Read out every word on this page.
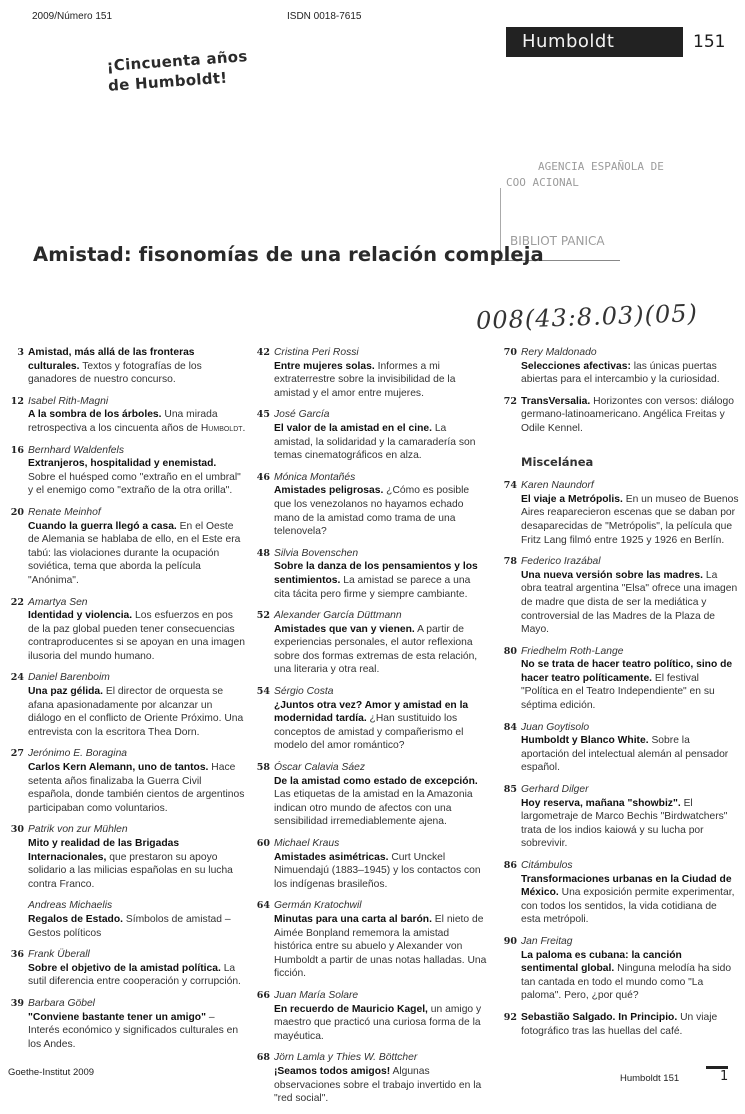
2009/Número 151	ISDN 0018-7615
Humboldt	151
¡Cincuenta años
de Humboldt!
AGENCIA ESPAÑOLA DE
COO ACIONAL
BIBLIOT PANICA
Amistad: fisonomías de una relación compleja
008(43:8.03)(05)
3 Amistad, más allá de las fronteras culturales. Textos y fotografías de los ganadores de nuestro concurso.
12 Isabel Rith-Magni
A la sombra de los árboles. Una mirada retrospectiva a los cincuenta años de Humboldt.
16 Bernhard Waldenfels
Extranjeros, hospitalidad y enemistad. Sobre el huésped como "extraño en el umbral" y el enemigo como "extraño de la otra orilla".
20 Renate Meinhof
Cuando la guerra llegó a casa. En el Oeste de Alemania se hablaba de ello, en el Este era tabú: las violaciones durante la ocupación soviética, tema que aborda la película "Anónima".
22 Amartya Sen
Identidad y violencia. Los esfuerzos en pos de la paz global pueden tener consecuencias contraproducentes si se apoyan en una imagen ilusoria del mundo humano.
24 Daniel Barenboim
Una paz gélida. El director de orquesta se afana apasionadamente por alcanzar un diálogo en el conflicto de Oriente Próximo. Una entrevista con la escritora Thea Dorn.
27 Jerónimo E. Boragina
Carlos Kern Alemann, uno de tantos. Hace setenta años finalizaba la Guerra Civil española, donde también cientos de argentinos participaban como voluntarios.
30 Patrik von zur Mühlen
Mito y realidad de las Brigadas Internacionales, que prestaron su apoyo solidario a las milicias españolas en su lucha contra Franco.
Andreas Michaelis
Regalos de Estado. Símbolos de amistad – Gestos políticos
36 Frank Überall
Sobre el objetivo de la amistad política. La sutil diferencia entre cooperación y corrupción.
39 Barbara Göbel
"Conviene bastante tener un amigo" – Interés económico y significados culturales en los Andes.
42 Cristina Peri Rossi
Entre mujeres solas. Informes a mi extraterrestre sobre la invisibilidad de la amistad y el amor entre mujeres.
45 José García
El valor de la amistad en el cine. La amistad, la solidaridad y la camaradería son temas cinematográficos en alza.
46 Mónica Montañés
Amistades peligrosas. ¿Cómo es posible que los venezolanos no hayamos echado mano de la amistad como trama de una telenovela?
48 Silvia Bovenschen
Sobre la danza de los pensamientos y los sentimientos. La amistad se parece a una cita tácita pero firme y siempre cambiante.
52 Alexander García Düttmann
Amistades que van y vienen. A partir de experiencias personales, el autor reflexiona sobre dos formas extremas de esta relación, una literaria y otra real.
54 Sérgio Costa
¿Juntos otra vez? Amor y amistad en la modernidad tardía. ¿Han sustituido los conceptos de amistad y compañerismo el modelo del amor romántico?
58 Óscar Calavia Sáez
De la amistad como estado de excepción. Las etiquetas de la amistad en la Amazonia indican otro mundo de afectos con una sensibilidad irremediablemente ajena.
60 Michael Kraus
Amistades asimétricas. Curt Unckel Nimuendajú (1883–1945) y los contactos con los indígenas brasileños.
64 Germán Kratochwil
Minutas para una carta al barón. El nieto de Aimée Bonpland rememora la amistad histórica entre su abuelo y Alexander von Humboldt a partir de unas notas halladas. Una ficción.
66 Juan María Solare
En recuerdo de Mauricio Kagel, un amigo y maestro que practicó una curiosa forma de la mayéutica.
68 Jörn Lamla y Thies W. Böttcher
¡Seamos todos amigos! Algunas observaciones sobre el trabajo invertido en la "red social".
70 Rery Maldonado
Selecciones afectivas: las únicas puertas abiertas para el intercambio y la curiosidad.
72 TransVersalia. Horizontes con versos: diálogo germano-latinoamericano. Angélica Freitas y Odile Kennel.
Miscelánea
74 Karen Naundorf
El viaje a Metrópolis. En un museo de Buenos Aires reaparecieron escenas que se daban por desaparecidas de "Metrópolis", la película que Fritz Lang filmó entre 1925 y 1926 en Berlín.
78 Federico Irazábal
Una nueva versión sobre las madres. La obra teatral argentina "Elsa" ofrece una imagen de madre que dista de ser la mediática y controversial de las Madres de la Plaza de Mayo.
80 Friedhelm Roth-Lange
No se trata de hacer teatro político, sino de hacer teatro políticamente. El festival "Política en el Teatro Independiente" en su séptima edición.
84 Juan Goytisolo
Humboldt y Blanco White. Sobre la aportación del intelectual alemán al pensador español.
85 Gerhard Dilger
Hoy reserva, mañana "showbiz". El largometraje de Marco Bechis "Birdwatchers" trata de los indios kaiowá y su lucha por sobrevivir.
86 Citámbulos
Transformaciones urbanas en la Ciudad de México. Una exposición permite experimentar, con todos los sentidos, la vida cotidiana de esta metrópoli.
90 Jan Freitag
La paloma es cubana: la canción sentimental global. Ninguna melodía ha sido tan cantada en todo el mundo como "La paloma". Pero, ¿por qué?
92 Sebastião Salgado. In Principio. Un viaje fotográfico tras las huellas del café.
Goethe-Institut 2009
Humboldt 151	1
